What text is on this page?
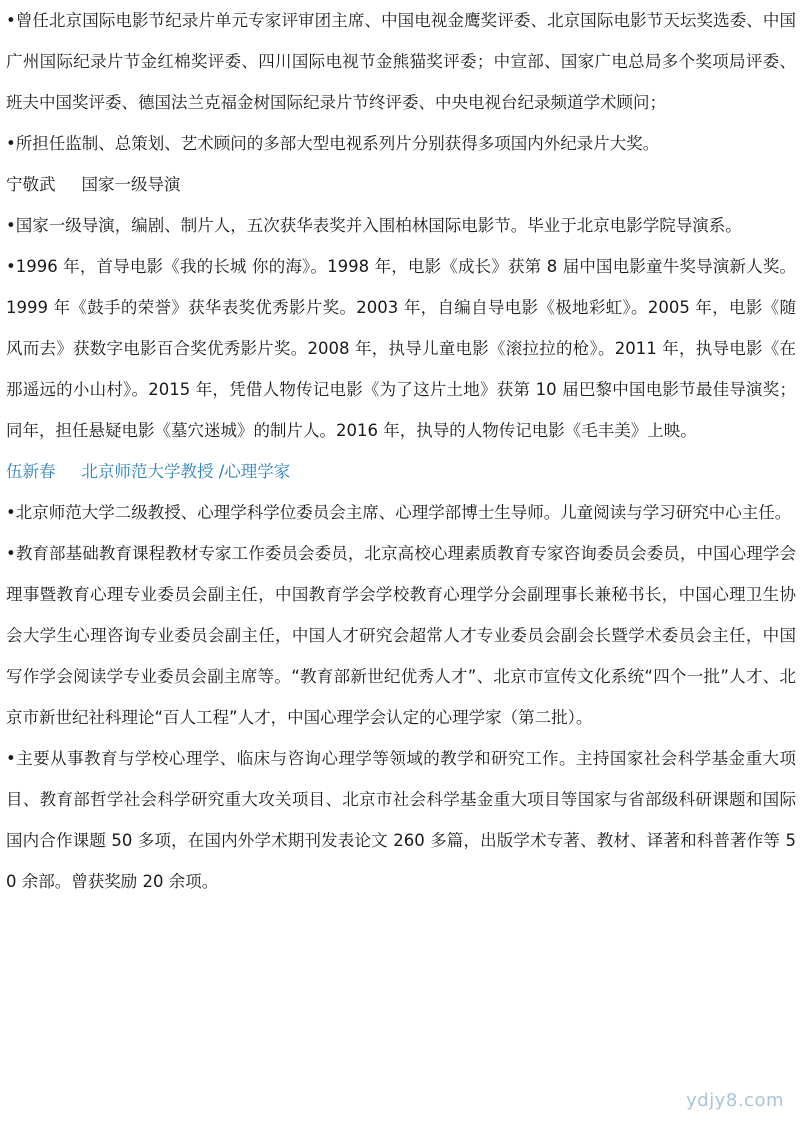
•曾任北京国际电影节纪录片单元专家评审团主席、中国电视金鹰奖评委、北京国际电影节天坛奖选委、中国广州国际纪录片节金红棉奖评委、四川国际电视节金熊猫奖评委；中宣部、国家广电总局多个奖项局评委、班夫中国奖评委、德国法兰克福金树国际纪录片节终评委、中央电视台纪录频道学术顾问；

•所担任监制、总策划、艺术顾问的多部大型电视系列片分别获得多项国内外纪录片大奖。

宁敬武 国家一级导演

•国家一级导演，编剧、制片人，五次获华表奖并入围柏林国际电影节。毕业于北京电影学院导演系。

•1996 年，首导电影《我的长城 你的海》。1998 年，电影《成长》获第 8 届中国电影童牛奖导演新人奖。1999 年《鼓手的荣誉》获华表奖优秀影片奖。2003 年，自编自导电影《极地彩虹》。2005 年，电影《随风而去》获数字电影百合奖优秀影片奖。2008 年，执导儿童电影《滚拉拉的枪》。2011 年，执导电影《在那遥远的小山村》。2015 年，凭借人物传记电影《为了这片土地》获第 10 届巴黎中国电影节最佳导演奖；同年，担任悬疑电影《墓穴迷城》的制片人。2016 年，执导的人物传记电影《毛丰美》上映。

伍新春 北京师范大学教授 /心理学家

•北京师范大学二级教授、心理学科学位委员会主席、心理学部博士生导师。儿童阅读与学习研究中心主任。

•教育部基础教育课程教材专家工作委员会委员，北京高校心理素质教育专家咨询委员会委员，中国心理学会理事暨教育心理专业委员会副主任，中国教育学会学校教育心理学分会副理事长兼秘书长，中国心理卫生协会大学生心理咨询专业委员会副主任，中国人才研究会超常人才专业委员会副会长暨学术委员会主任，中国写作学会阅读学专业委员会副主席等。“教育部新世纪优秀人才”、北京市宣传文化系统“四个一批”人才、北京市新世纪社科理论“百人工程”人才，中国心理学会认定的心理学家（第二批）。

•主要从事教育与学校心理学、临床与咨询心理学等领域的教学和研究工作。主持国家社会科学基金重大项目、教育部哲学社会科学研究重大攻关项目、北京市社会科学基金重大项目等国家与省部级科研课题和国际国内合作课题 50 多项，在国内外学术期刊发表论文 260 多篇，出版学术专著、教材、译著和科普著作等 50 余部。曾获奖励 20 余项。

ydjy8.com
